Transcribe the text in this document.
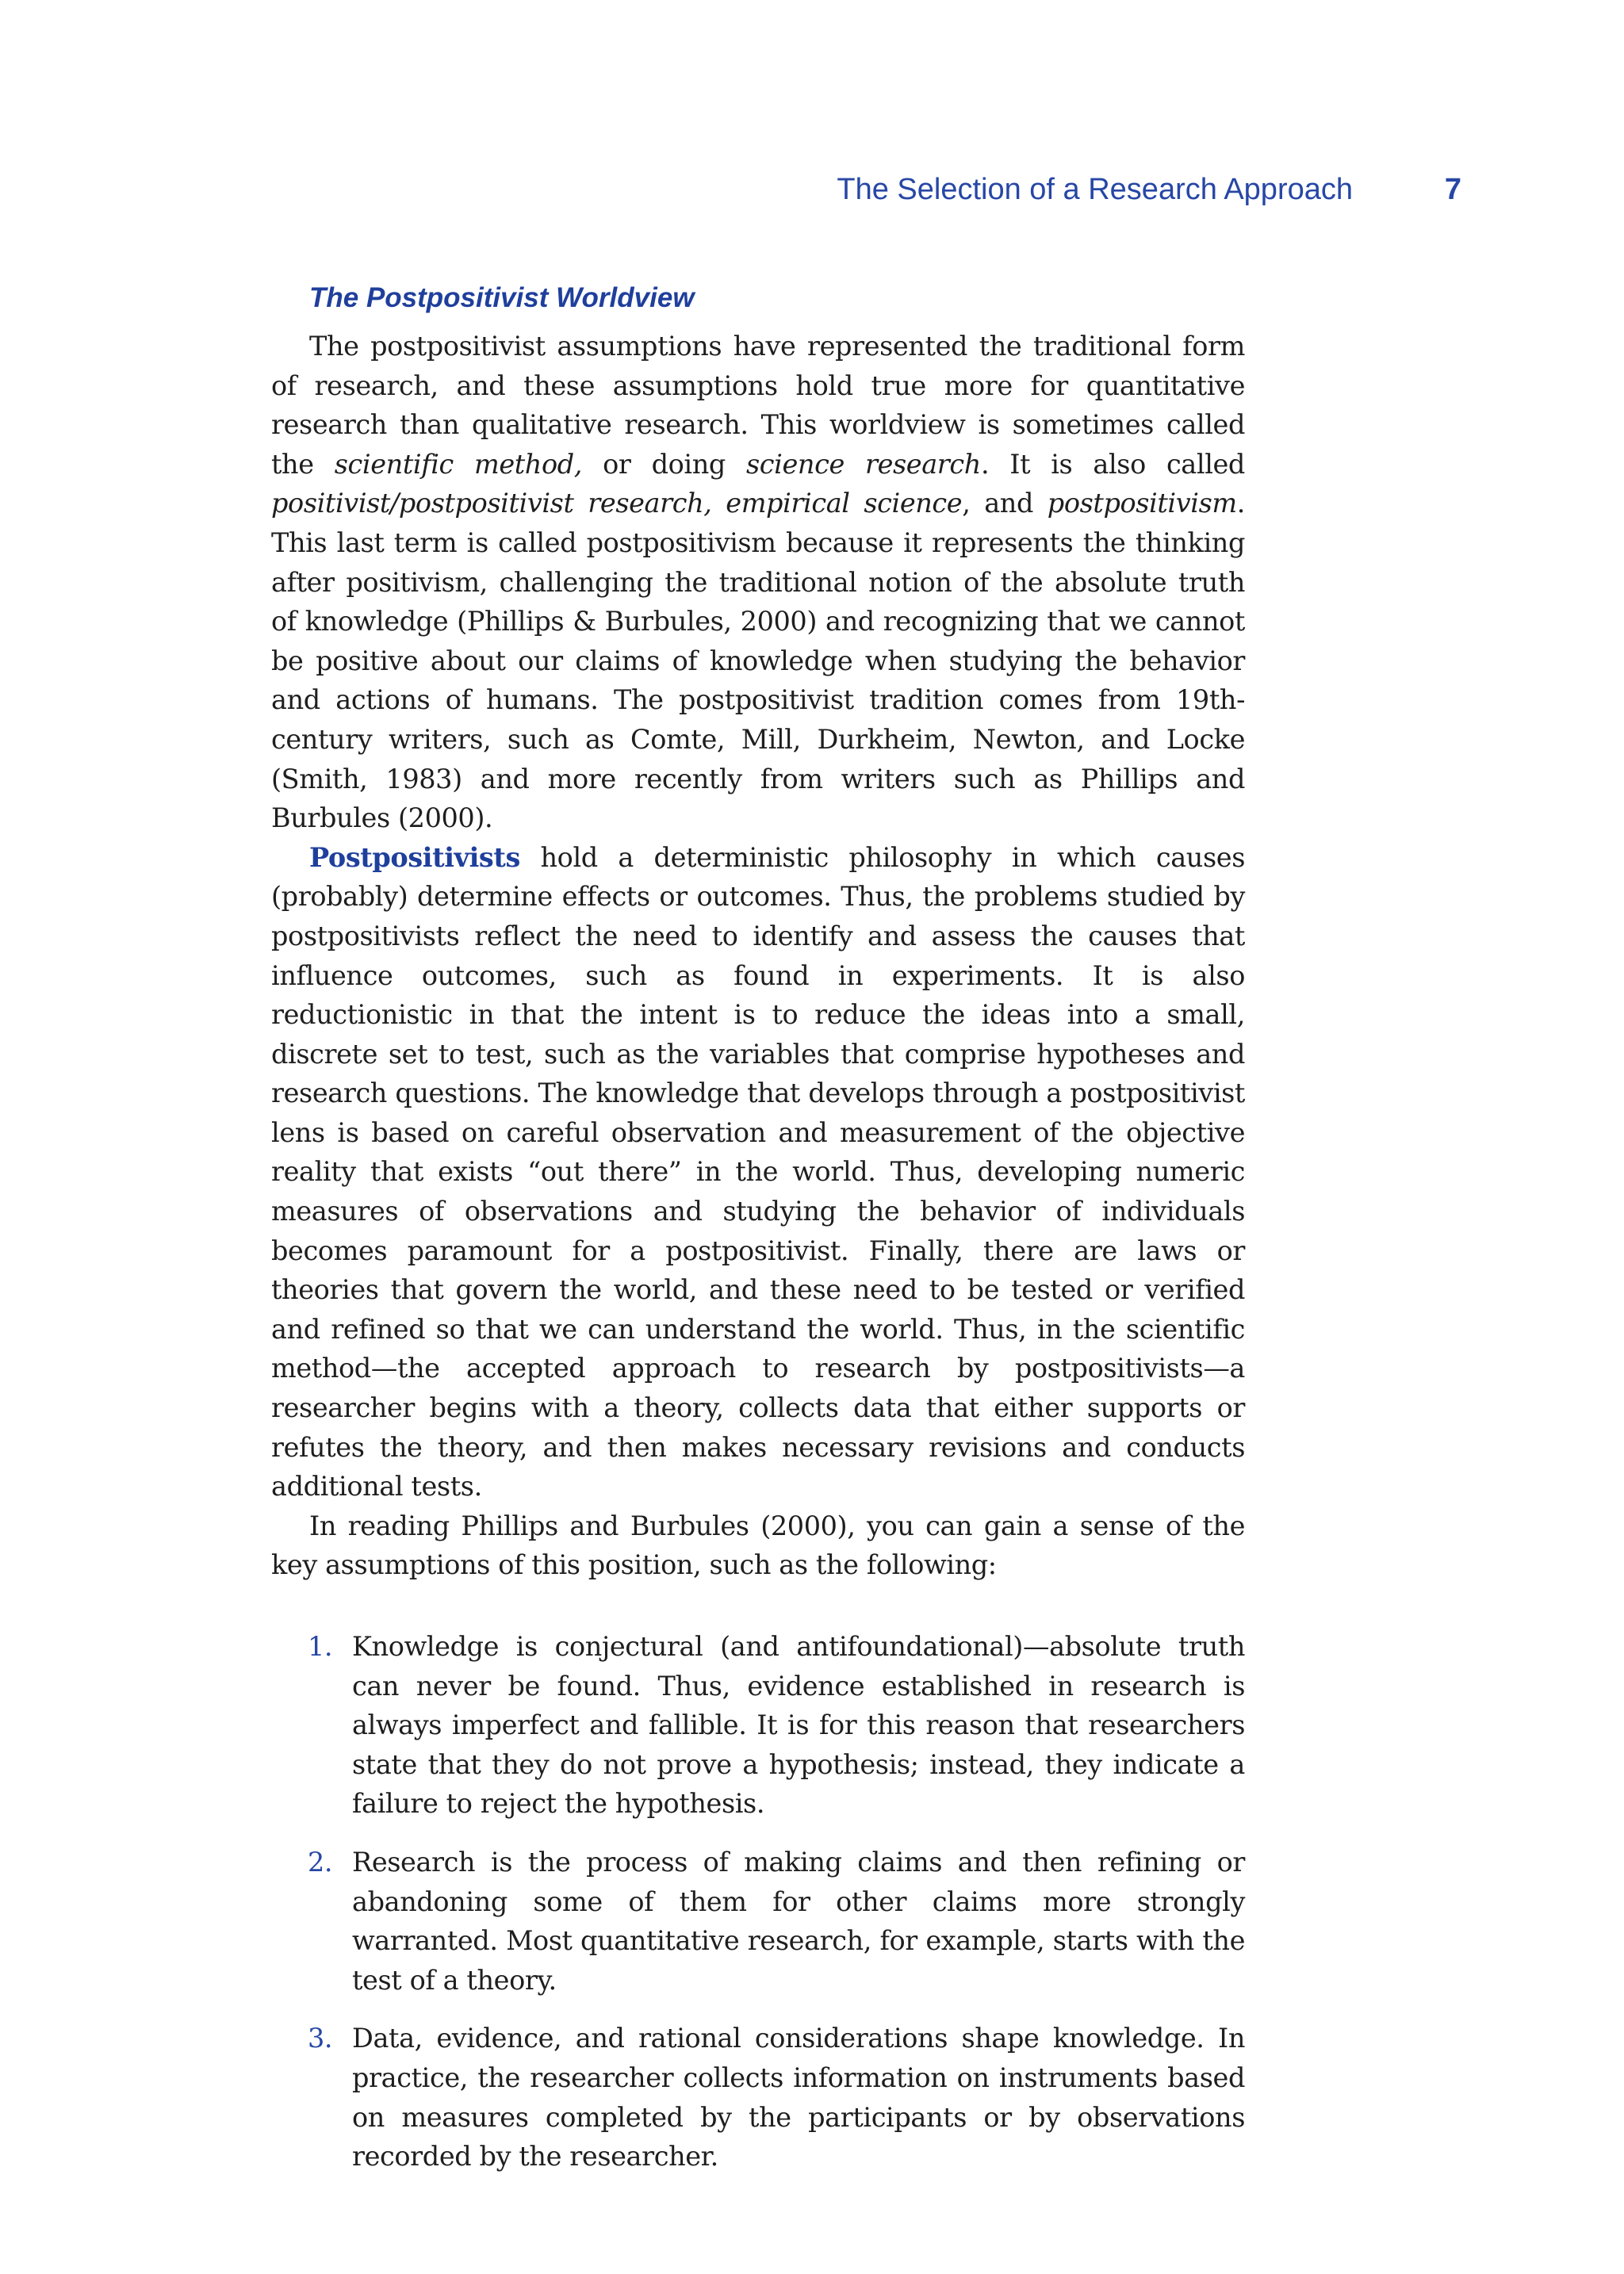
The Selection of a Research Approach	7
The Postpositivist Worldview

The postpositivist assumptions have represented the traditional form of research, and these assumptions hold true more for quantitative research than qualitative research. This worldview is sometimes called the scientific method, or doing science research. It is also called positivist/postpositivist research, empirical science, and postpositivism. This last term is called postpositivism because it represents the thinking after positivism, challenging the traditional notion of the absolute truth of knowledge (Phillips & Burbules, 2000) and recognizing that we cannot be positive about our claims of knowledge when studying the behavior and actions of humans. The postpositivist tradition comes from 19th-century writers, such as Comte, Mill, Durkheim, Newton, and Locke (Smith, 1983) and more recently from writers such as Phillips and Burbules (2000).

Postpositivists hold a deterministic philosophy in which causes (probably) determine effects or outcomes. Thus, the problems studied by postpositivists reflect the need to identify and assess the causes that influence outcomes, such as found in experiments. It is also reductionistic in that the intent is to reduce the ideas into a small, discrete set to test, such as the variables that comprise hypotheses and research questions. The knowledge that develops through a postpositivist lens is based on careful observation and measurement of the objective reality that exists “out there” in the world. Thus, developing numeric measures of observations and studying the behavior of individuals becomes paramount for a postpositivist. Finally, there are laws or theories that govern the world, and these need to be tested or verified and refined so that we can understand the world. Thus, in the scientific method—the accepted approach to research by postpositivists—a researcher begins with a theory, collects data that either supports or refutes the theory, and then makes necessary revisions and conducts additional tests.

In reading Phillips and Burbules (2000), you can gain a sense of the key assumptions of this position, such as the following:

1. Knowledge is conjectural (and antifoundational)—absolute truth can never be found. Thus, evidence established in research is always imperfect and fallible. It is for this reason that researchers state that they do not prove a hypothesis; instead, they indicate a failure to reject the hypothesis.
2. Research is the process of making claims and then refining or abandoning some of them for other claims more strongly warranted. Most quantitative research, for example, starts with the test of a theory.
3. Data, evidence, and rational considerations shape knowledge. In practice, the researcher collects information on instruments based on measures completed by the participants or by observations recorded by the researcher.
